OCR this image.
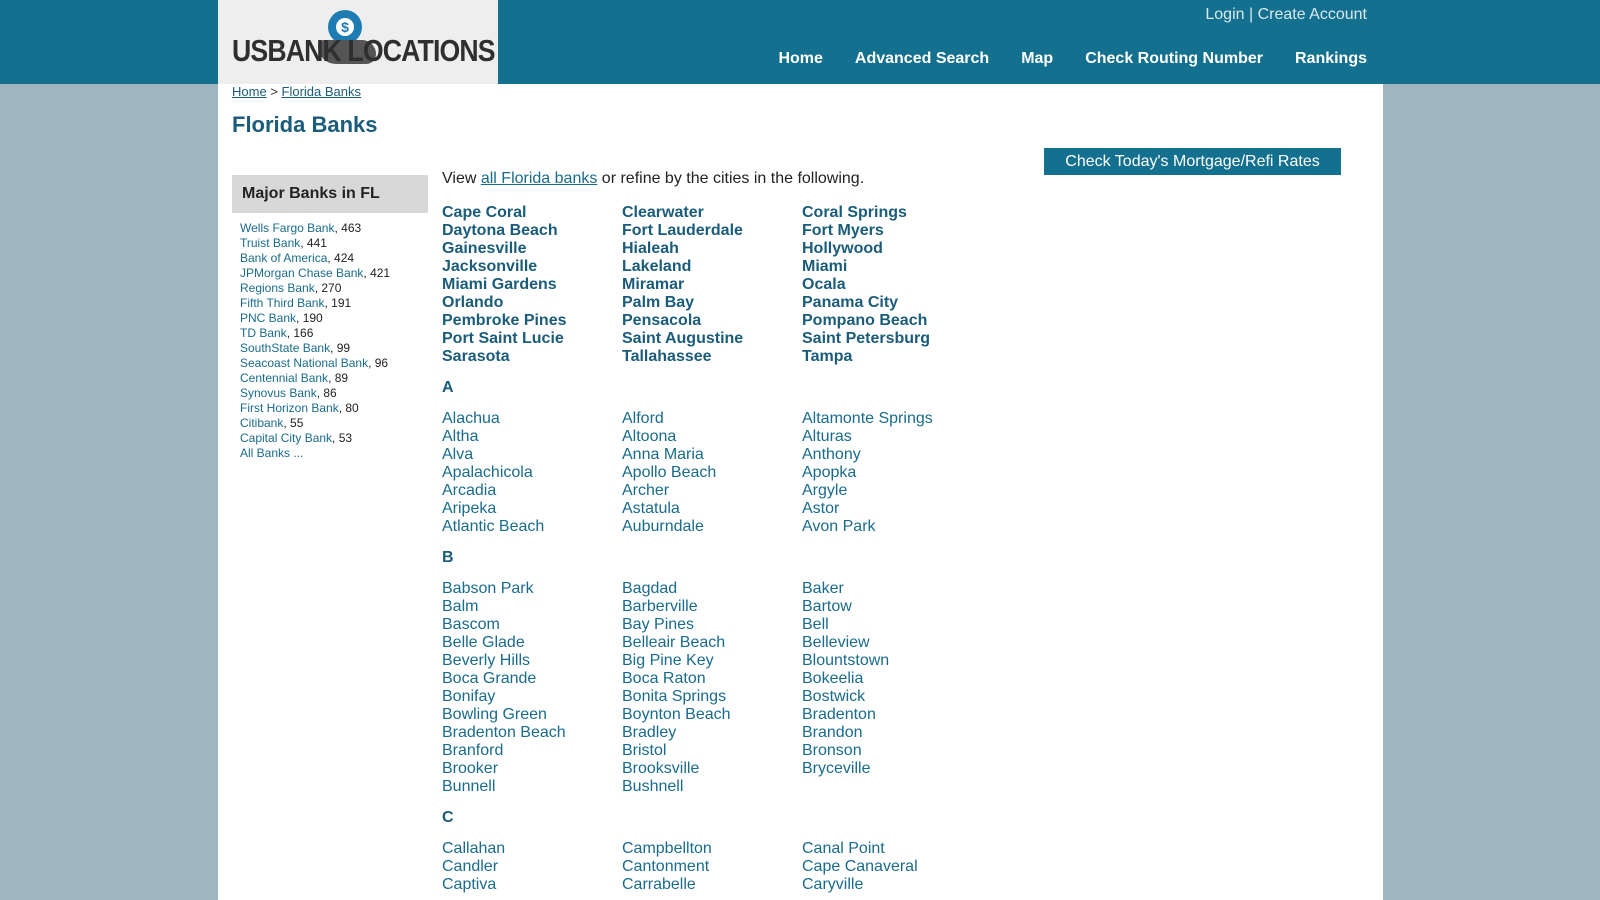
$
USBANK LOCATIONS
Login | Create Account
Home Advanced Search Map Check Routing Number Rankings
Home > Florida Banks
Florida Banks
Check Today's Mortgage/Refi Rates
Major Banks in FL
Wells Fargo Bank, 463
Truist Bank, 441
Bank of America, 424
JPMorgan Chase Bank, 421
Regions Bank, 270
Fifth Third Bank, 191
PNC Bank, 190
TD Bank, 166
SouthState Bank, 99
Seacoast National Bank, 96
Centennial Bank, 89
Synovus Bank, 86
First Horizon Bank, 80
Citibank, 55
Capital City Bank, 53
All Banks ...
View all Florida banks or refine by the cities in the following.
Cape Coral	Clearwater	Coral Springs
Daytona Beach	Fort Lauderdale	Fort Myers
Gainesville	Hialeah	Hollywood
Jacksonville	Lakeland	Miami
Miami Gardens	Miramar	Ocala
Orlando	Palm Bay	Panama City
Pembroke Pines	Pensacola	Pompano Beach
Port Saint Lucie	Saint Augustine	Saint Petersburg
Sarasota	Tallahassee	Tampa
A
Alachua	Alford	Altamonte Springs
Altha	Altoona	Alturas
Alva	Anna Maria	Anthony
Apalachicola	Apollo Beach	Apopka
Arcadia	Archer	Argyle
Aripeka	Astatula	Astor
Atlantic Beach	Auburndale	Avon Park
B
Babson Park	Bagdad	Baker
Balm	Barberville	Bartow
Bascom	Bay Pines	Bell
Belle Glade	Belleair Beach	Belleview
Beverly Hills	Big Pine Key	Blountstown
Boca Grande	Boca Raton	Bokeelia
Bonifay	Bonita Springs	Bostwick
Bowling Green	Boynton Beach	Bradenton
Bradenton Beach	Bradley	Brandon
Branford	Bristol	Bronson
Brooker	Brooksville	Bryceville
Bunnell	Bushnell
C
Callahan	Campbellton	Canal Point
Candler	Cantonment	Cape Canaveral
Captiva	Carrabelle	Caryville
